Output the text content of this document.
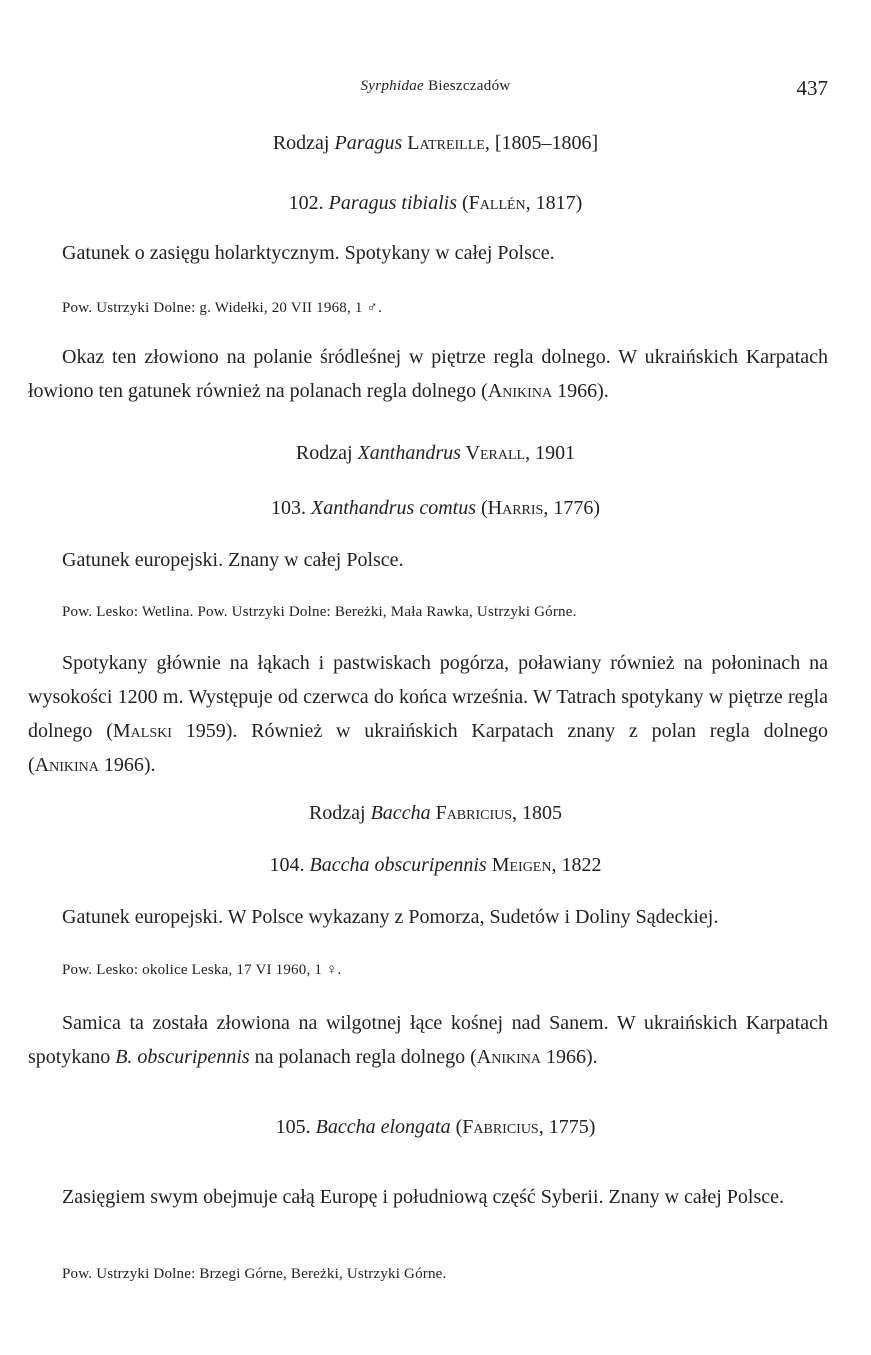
Syrphidae Bieszczadów	437
Rodzaj Paragus Latreille, [1805–1806]
102. Paragus tibialis (Fallén, 1817)
Gatunek o zasięgu holarktycznym. Spotykany w całej Polsce.
Pow. Ustrzyki Dolne: g. Widełki, 20 VII 1968, 1 ♂.
Okaz ten złowiono na polanie śródleśnej w piętrze regla dolnego. W ukraińskich Karpatach łowiono ten gatunek również na polanach regla dolnego (Anikina 1966).
Rodzaj Xanthandrus Verall, 1901
103. Xanthandrus comtus (Harris, 1776)
Gatunek europejski. Znany w całej Polsce.
Pow. Lesko: Wetlina. Pow. Ustrzyki Dolne: Bereżki, Mała Rawka, Ustrzyki Górne.
Spotykany głównie na łąkach i pastwiskach pogórza, poławiany również na połoninach na wysokości 1200 m. Występuje od czerwca do końca września. W Tatrach spotykany w piętrze regla dolnego (Malski 1959). Również w ukraińskich Karpatach znany z polan regla dolnego (Anikina 1966).
Rodzaj Baccha Fabricius, 1805
104. Baccha obscuripennis Meigen, 1822
Gatunek europejski. W Polsce wykazany z Pomorza, Sudetów i Doliny Sądeckiej.
Pow. Lesko: okolice Leska, 17 VI 1960, 1 ♀.
Samica ta została złowiona na wilgotnej łące kośnej nad Sanem. W ukraińskich Karpatach spotykano B. obscuripennis na polanach regla dolnego (Anikina 1966).
105. Baccha elongata (Fabricius, 1775)
Zasięgiem swym obejmuje całą Europę i południową część Syberii. Znany w całej Polsce.
Pow. Ustrzyki Dolne: Brzegi Górne, Bereżki, Ustrzyki Górne.
